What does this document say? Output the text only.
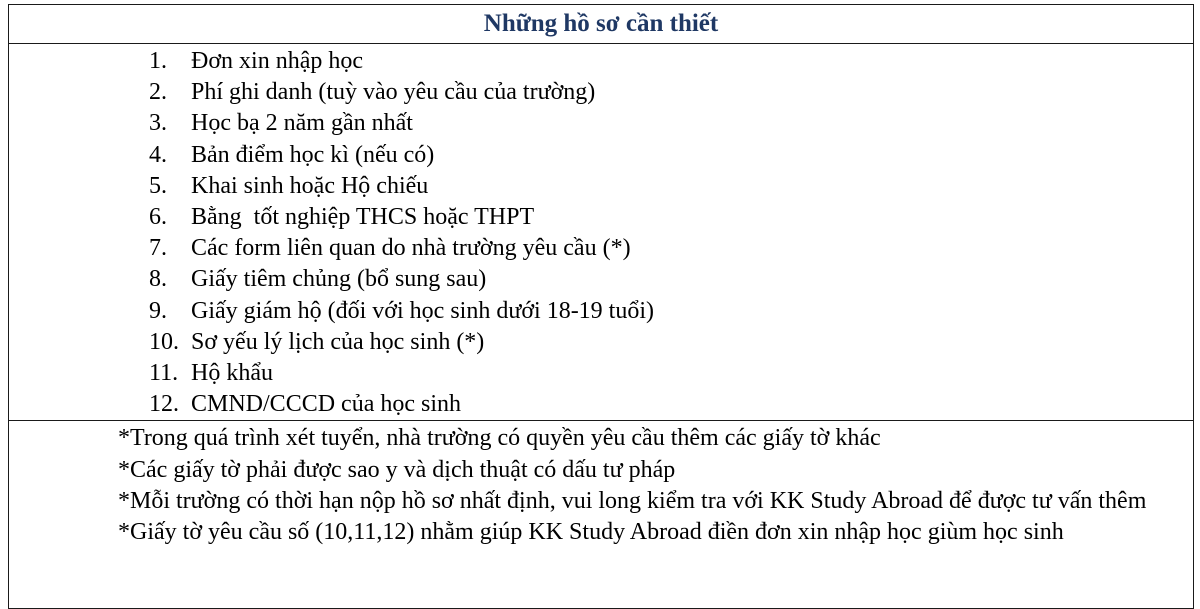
Những hồ sơ cần thiết

1.	Đơn xin nhập học
2.	Phí ghi danh (tuỳ vào yêu cầu của trường)
3.	Học bạ 2 năm gần nhất
4.	Bản điểm học kì (nếu có)
5.	Khai sinh hoặc Hộ chiếu
6.	Bằng  tốt nghiệp THCS hoặc THPT
7.	Các form liên quan do nhà trường yêu cầu (*)
8.	Giấy tiêm chủng (bổ sung sau)
9.	Giấy giám hộ (đối với học sinh dưới 18-19 tuổi)
10. Sơ yếu lý lịch của học sinh (*)
11. Hộ khẩu
12. CMND/CCCD của học sinh

*Trong quá trình xét tuyển, nhà trường có quyền yêu cầu thêm các giấy tờ khác

*Các giấy tờ phải được sao y và dịch thuật có dấu tư pháp

*Mỗi trường có thời hạn nộp hồ sơ nhất định, vui long kiểm tra với KK Study Abroad để được tư vấn thêm

*Giấy tờ yêu cầu số (10,11,12) nhằm giúp KK Study Abroad điền đơn xin nhập học giùm học sinh
